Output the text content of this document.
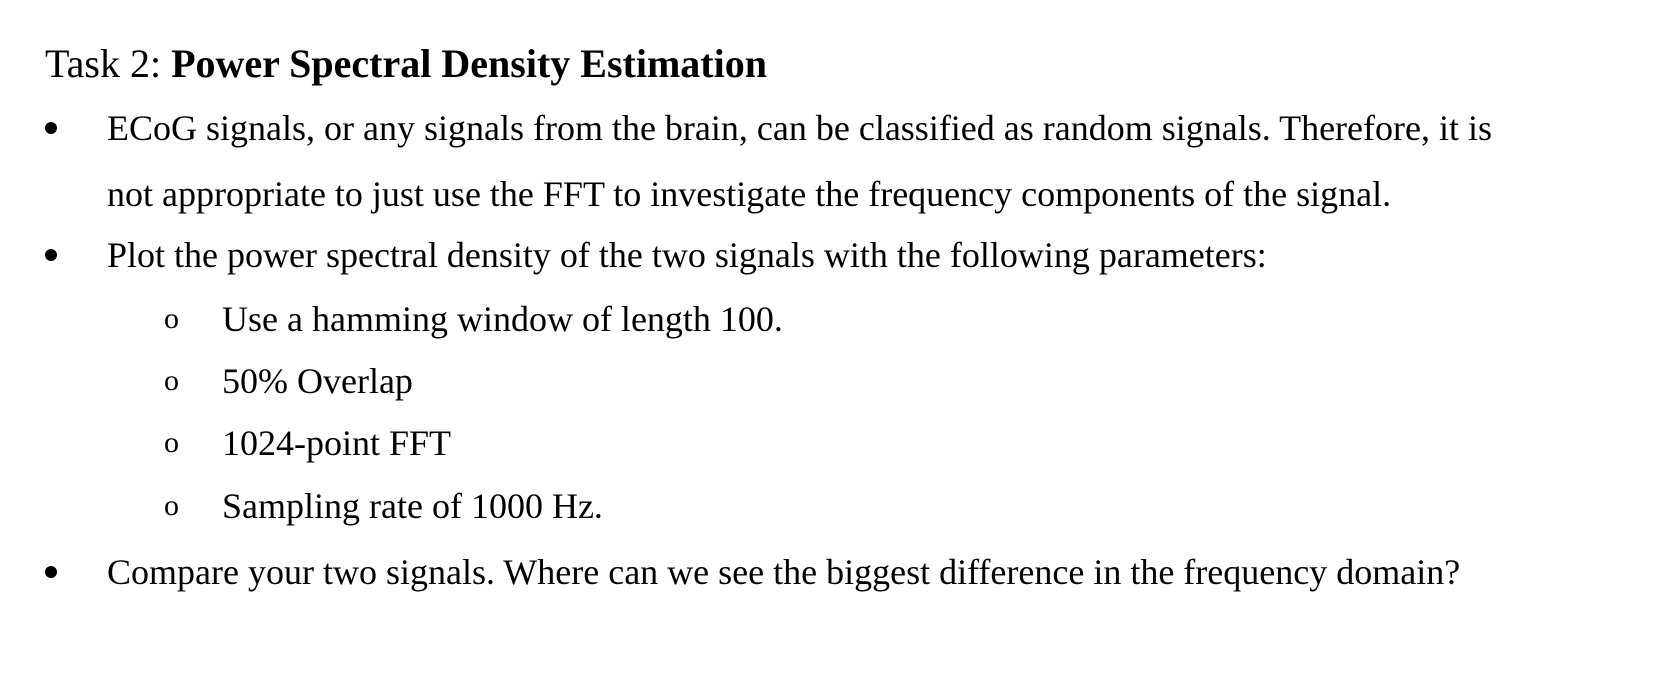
Task 2: Power Spectral Density Estimation
ECoG signals, or any signals from the brain, can be classified as random signals. Therefore, it is
not appropriate to just use the FFT to investigate the frequency components of the signal.
Plot the power spectral density of the two signals with the following parameters:
o Use a hamming window of length 100.
o 50% Overlap
o 1024-point FFT
o Sampling rate of 1000 Hz.
Compare your two signals. Where can we see the biggest difference in the frequency domain?
